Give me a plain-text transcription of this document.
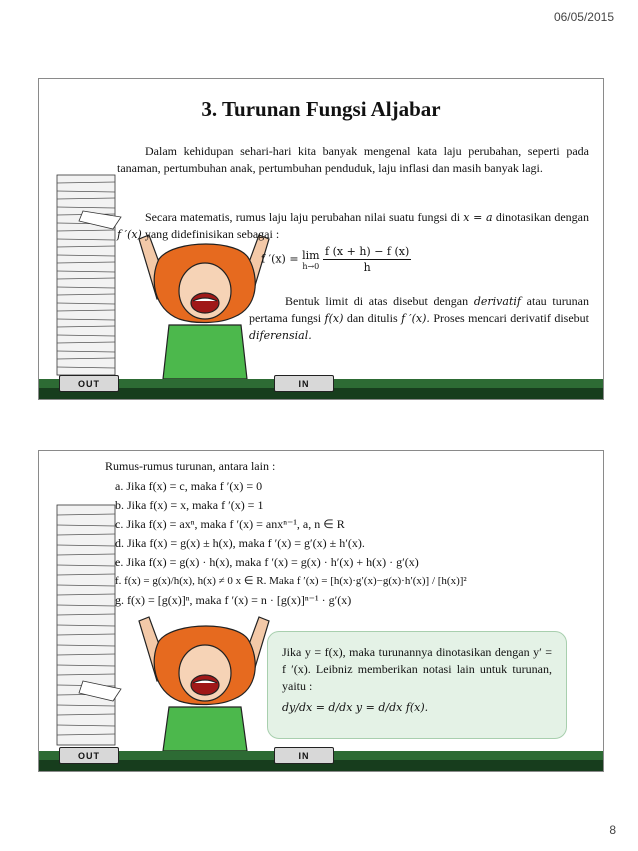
06/05/2015
3. Turunan Fungsi Aljabar
Dalam kehidupan sehari-hari kita banyak mengenal kata laju perubahan, seperti pada tanaman, pertumbuhan anak, pertumbuhan penduduk, laju inflasi dan masih banyak lagi.
Secara matematis, rumus laju laju perubahan nilai suatu fungsi di x = a dinotasikan dengan f ′(x) yang didefinisikan sebagai :
f ′(x) = lim
h→0
$\frac{f (x + h) - f (x)}{h}$
Bentuk limit di atas disebut dengan derivatif atau turunan pertama fungsi f(x) dan ditulis f ′(x). Proses mencari derivatif disebut diferensial.
OUT	IN
Rumus-rumus turunan, antara lain :
a. Jika f(x) = c, maka f ′(x) = 0
b. Jika f(x) = x, maka f ′(x) = 1
c. Jika f(x) = axⁿ, maka f ′(x) = anxⁿ⁻¹, a, n ∈ R
d. Jika f(x) = g(x) ± h(x), maka f ′(x) = g′(x) ± h′(x).
e. Jika f(x) = g(x) · h(x), maka f ′(x) = g(x) · h′(x) + h(x) · g′(x)
f. f(x) = g(x)/h(x), h(x) ≠ 0 x ∈ R. Maka f ′(x) = [h(x)·g′(x)−g(x)·h′(x)] / [h(x)]²
g. f(x) = [g(x)]ⁿ, maka f ′(x) = n · [g(x)]ⁿ⁻¹ · g′(x)
Jika y = f(x), maka turunannya dinotasikan dengan y′ = f ′(x). Leibniz memberikan notasi lain untuk turunan, yaitu :
dy/dx = d/dx y = d/dx f(x).
OUT	IN
8
